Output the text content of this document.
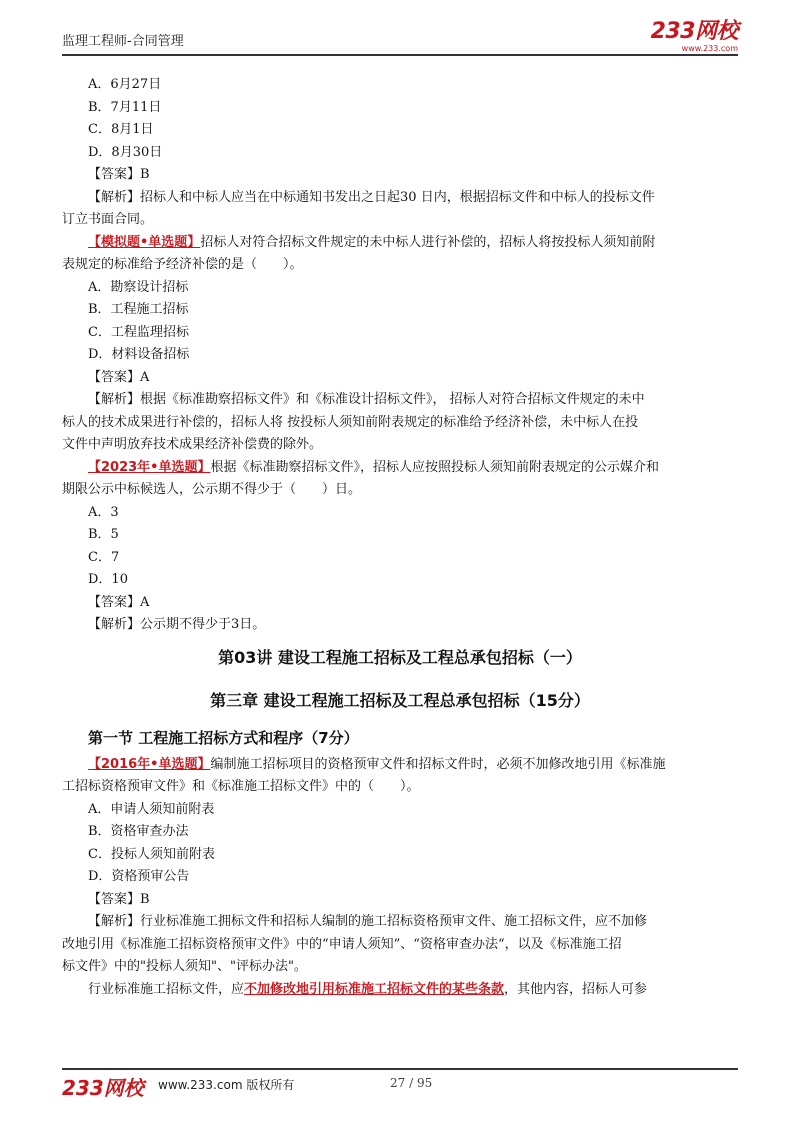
监理工程师-合同管理	233网校
www.233.com
A．6月27日
B．7月11日
C．8月1日
D．8月30日
【答案】B
【解析】招标人和中标人应当在中标通知书发出之日起30 日内，根据招标文件和中标人的投标文件
订立书面合同。
【模拟题•单选题】招标人对符合招标文件规定的未中标人进行补偿的，招标人将按投标人须知前附
表规定的标准给予经济补偿的是（　　）。
A．勘察设计招标
B．工程施工招标
C．工程监理招标
D．材料设备招标
【答案】A
【解析】根据《标准勘察招标文件》和《标准设计招标文件》， 招标人对符合招标文件规定的未中
标人的技术成果进行补偿的，招标人将 按投标人须知前附表规定的标准给予经济补偿，未中标人在投
文件中声明放弃技术成果经济补偿费的除外。
【2023年•单选题】根据《标准勘察招标文件》，招标人应按照投标人须知前附表规定的公示媒介和
期限公示中标候选人，公示期不得少于（　　）日。
A．3
B．5
C．7
D．10
【答案】A
【解析】公示期不得少于3日。
第03讲 建设工程施工招标及工程总承包招标（一）
第三章 建设工程施工招标及工程总承包招标（15分）
第一节 工程施工招标方式和程序（7分）
【2016年•单选题】编制施工招标项目的资格预审文件和招标文件时，必须不加修改地引用《标准施
工招标资格预审文件》和《标准施工招标文件》中的（　　）。
A．申请人须知前附表
B．资格审查办法
C．投标人须知前附表
D．资格预审公告
【答案】B
【解析】行业标准施工拥标文件和招标人编制的施工招标资格预审文件、施工招标文件，应不加修
改地引用《标准施工招标资格预审文件》中的“申请人须知”、“资格审查办法“，以及《标准施工招
标文件》中的"投标人须知"、"评标办法"。
行业标准施工招标文件，应不加修改地引用标准施工招标文件的某些条款，其他内容，招标人可参
233网校 www.233.com 版权所有	27 / 95
